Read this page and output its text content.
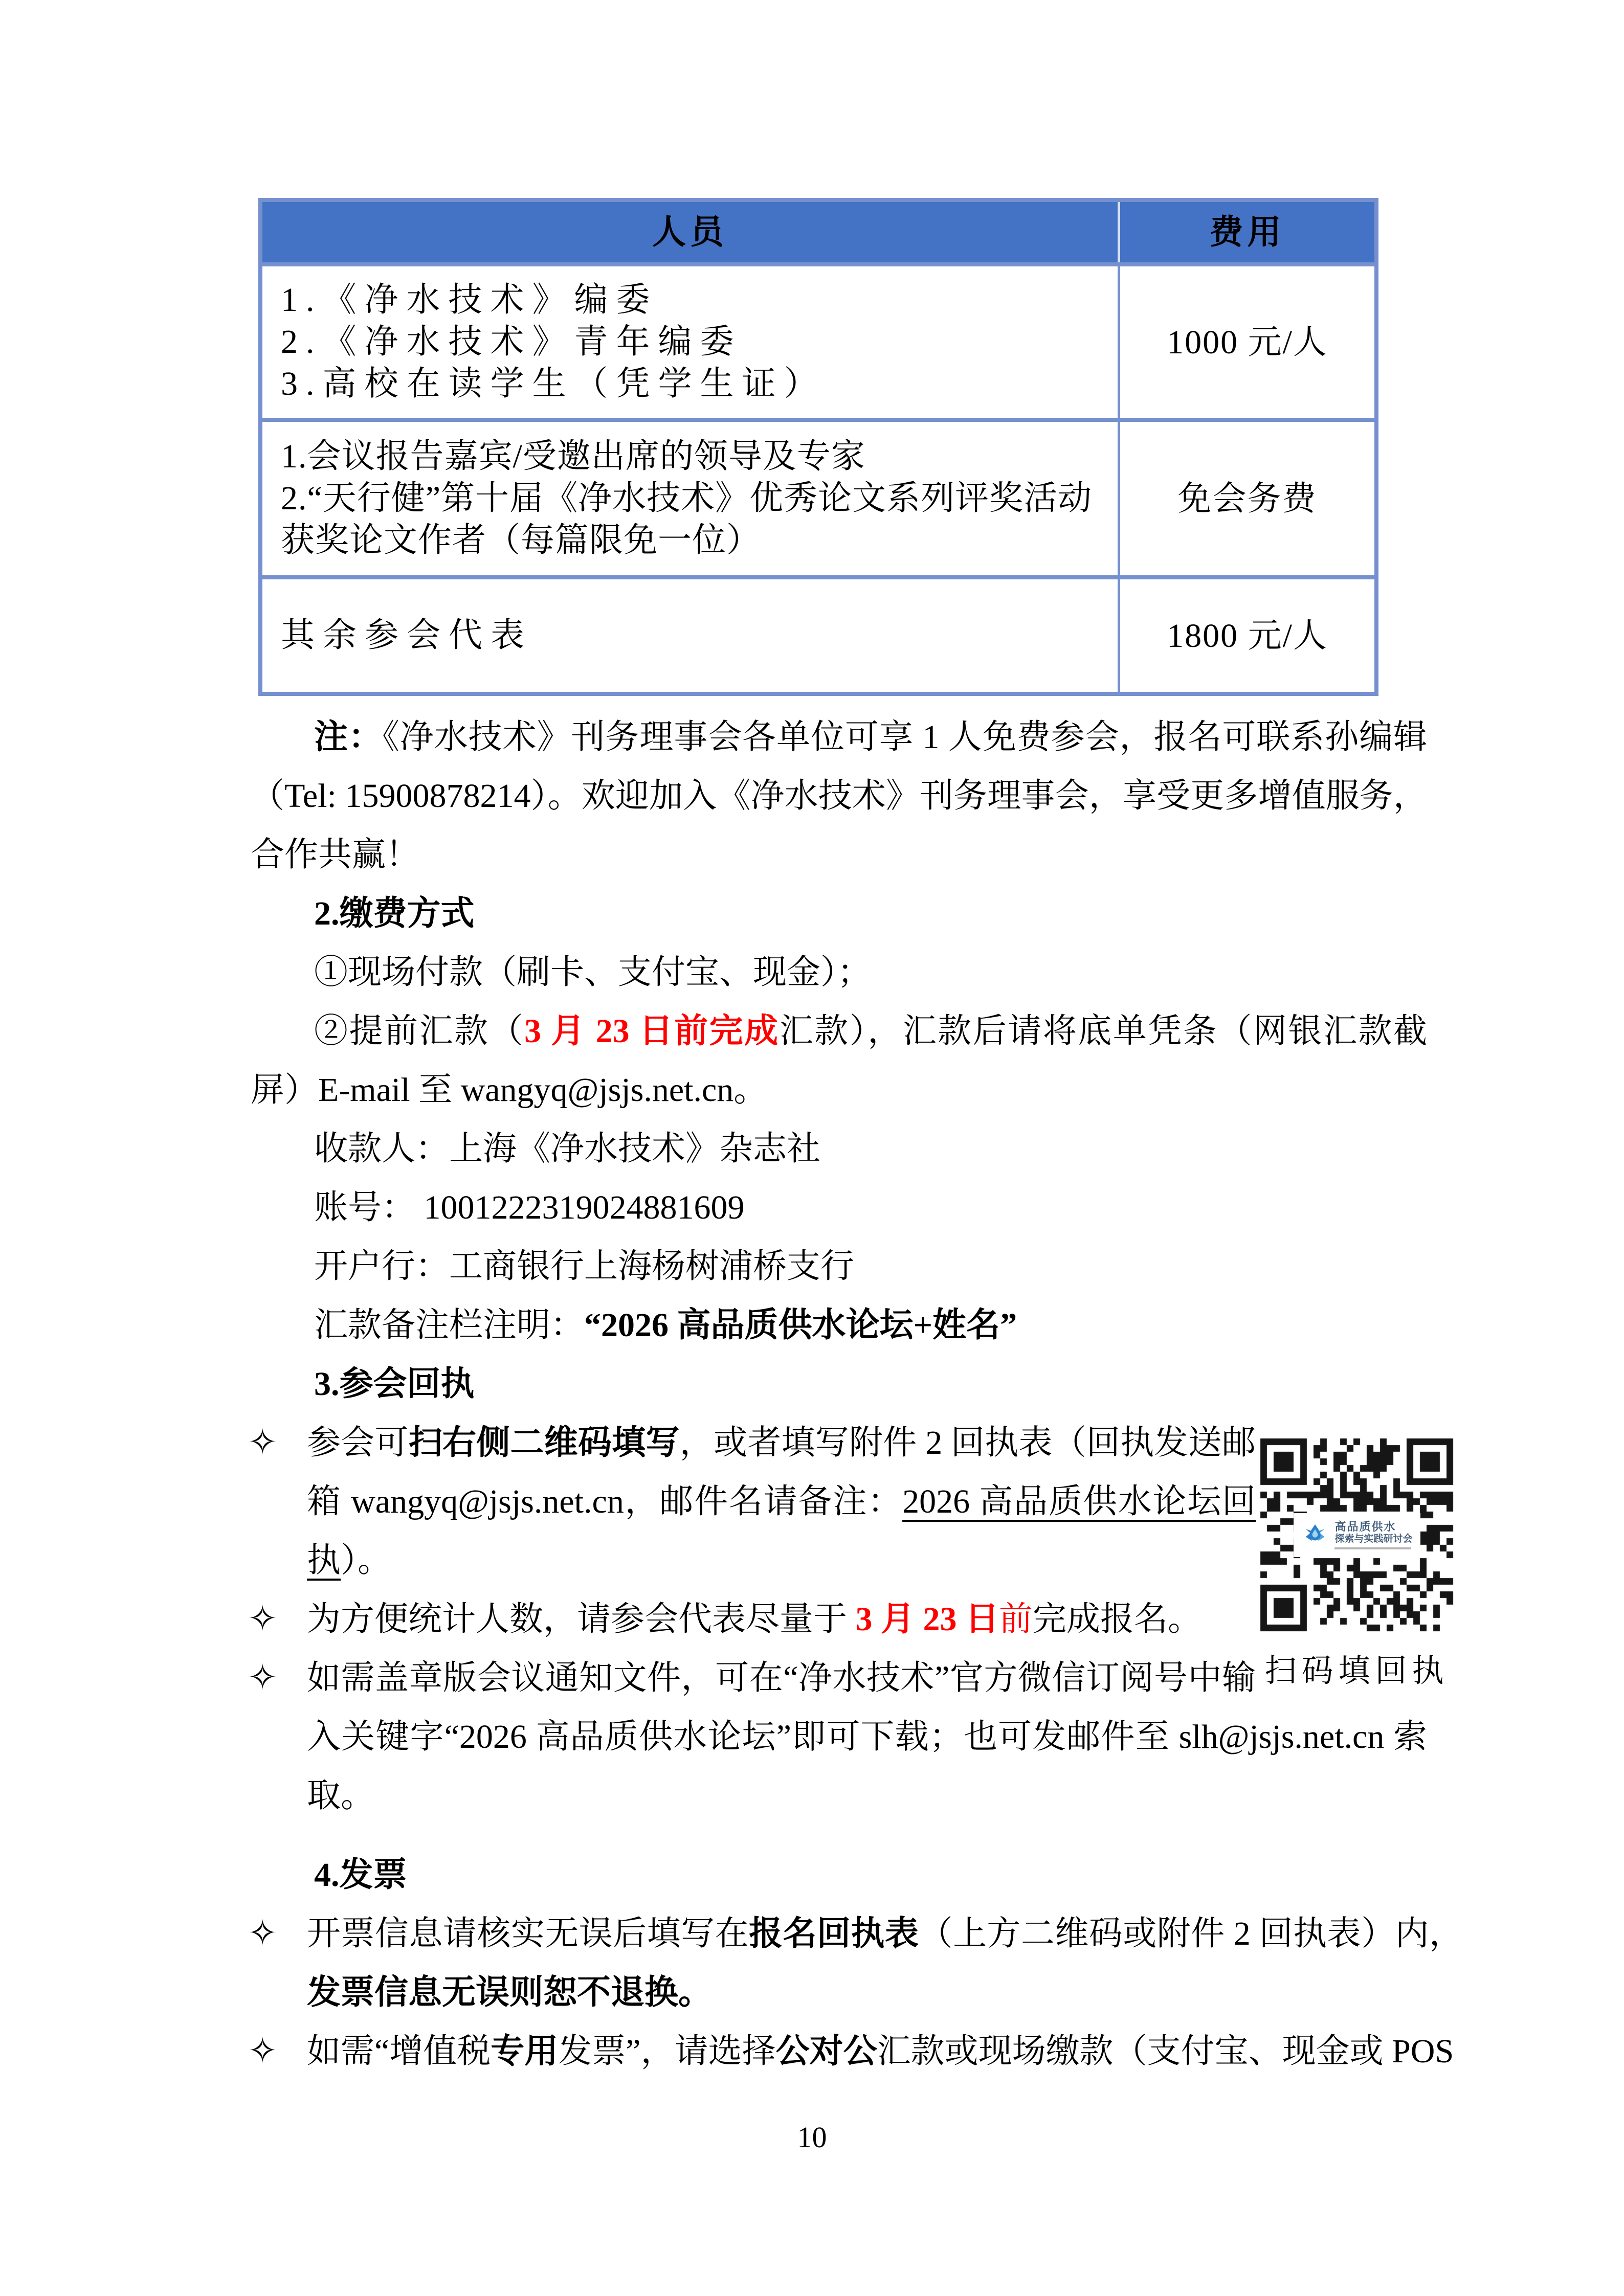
人员	费用
1.《净水技术》编委
2.《净水技术》青年编委
3.高校在读学生（凭学生证）
1000 元/人
1.会议报告嘉宾/受邀出席的领导及专家
2.“天行健”第十届《净水技术》优秀论文系列评奖活动获奖论文作者（每篇限免一位）
免会务费
其余参会代表	1800 元/人

注：《净水技术》刊务理事会各单位可享 1 人免费参会，报名可联系孙编辑（Tel: 15900878214）。欢迎加入《净水技术》刊务理事会，享受更多增值服务，合作共赢！

2.缴费方式

①现场付款（刷卡、支付宝、现金）；

②提前汇款（3 月 23 日前完成汇款），汇款后请将底单凭条（网银汇款截屏）E-mail 至 wangyq@jsjs.net.cn。

收款人：上海《净水技术》杂志社

账号： 1001222319024881609

开户行：工商银行上海杨树浦桥支行

汇款备注栏注明：“2026 高品质供水论坛+姓名”

3.参会回执

高品质供水
探索与实践研讨会
扫码填回执

✧ 参会可扫右侧二维码填写，或者填写附件 2 回执表（回执发送邮箱 wangyq@jsjs.net.cn，邮件名请备注：2026 高品质供水论坛回执）。

✧ 为方便统计人数，请参会代表尽量于 3 月 23 日前完成报名。

✧ 如需盖章版会议通知文件，可在“净水技术”官方微信订阅号中输入关键字“2026 高品质供水论坛”即可下载；也可发邮件至 slh@jsjs.net.cn 索取。

4.发票

✧ 开票信息请核实无误后填写在报名回执表（上方二维码或附件 2 回执表）内，发票信息无误则恕不退换。

✧ 如需“增值税专用发票”，请选择公对公汇款或现场缴款（支付宝、现金或 POS

10
